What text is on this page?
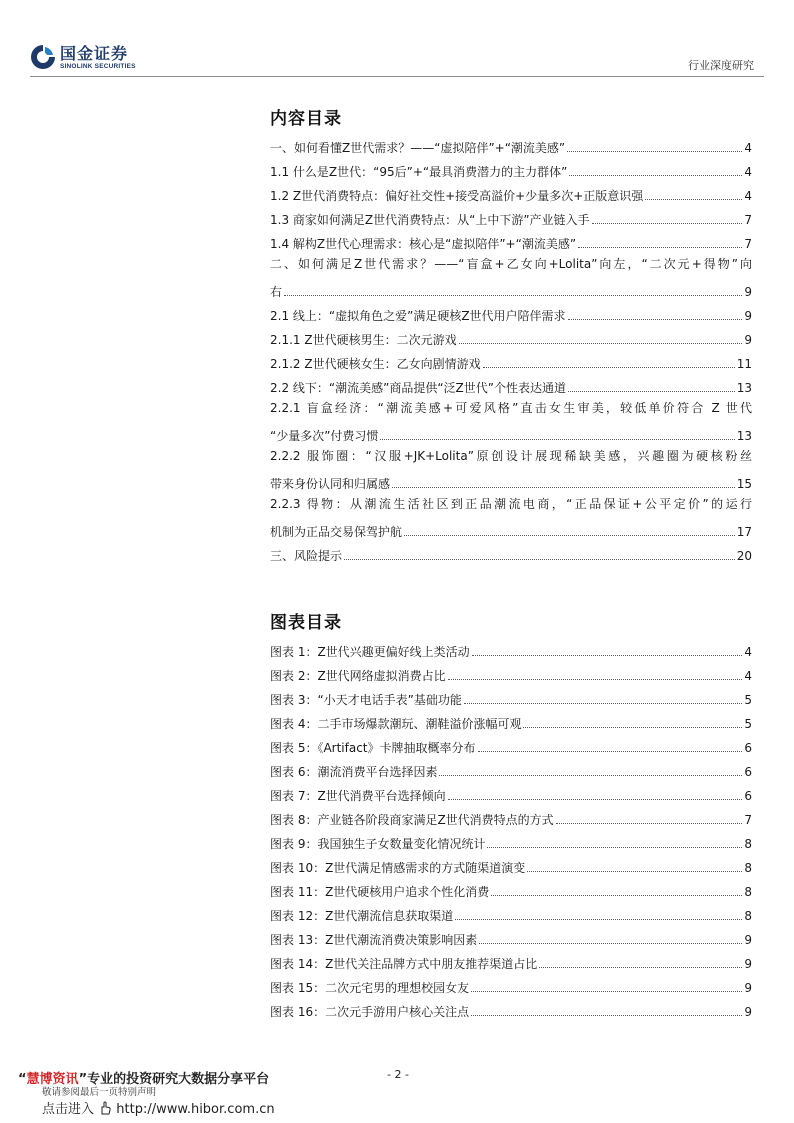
国金证券
SINOLINK SECURITIES	行业深度研究
内容目录
一、如何看懂Z世代需求？——“虚拟陪伴”+“潮流美感”	4
1.1 什么是Z世代：“95后”+“最具消费潜力的主力群体”	4
1.2 Z世代消费特点：偏好社交性+接受高溢价+少量多次+正版意识强	4
1.3 商家如何满足Z世代消费特点：从“上中下游”产业链入手	7
1.4 解构Z世代心理需求：核心是“虚拟陪伴”+“潮流美感”	7
二、如何满足Z世代需求？——“盲盒+乙女向+Lolita”向左，“二次元+得物”向
右	9
2.1 线上：“虚拟角色之爱”满足硬核Z世代用户陪伴需求	9
2.1.1 Z世代硬核男生：二次元游戏	9
2.1.2 Z世代硬核女生：乙女向剧情游戏	11
2.2 线下：“潮流美感”商品提供“泛Z世代”个性表达通道	13
2.2.1 盲盒经济：“潮流美感+可爱风格”直击女生审美，较低单价符合 Z 世代
“少量多次”付费习惯	13
2.2.2 服饰圈：“汉服+JK+Lolita”原创设计展现稀缺美感，兴趣圈为硬核粉丝
带来身份认同和归属感	15
2.2.3 得物：从潮流生活社区到正品潮流电商，“正品保证+公平定价”的运行
机制为正品交易保驾护航	17
三、风险提示	20
图表目录
图表 1：Z世代兴趣更偏好线上类活动	4
图表 2：Z世代网络虚拟消费占比	4
图表 3：“小天才电话手表”基础功能	5
图表 4：二手市场爆款潮玩、潮鞋溢价涨幅可观	5
图表 5：《Artifact》卡牌抽取概率分布	6
图表 6：潮流消费平台选择因素	6
图表 7：Z世代消费平台选择倾向	6
图表 8：产业链各阶段商家满足Z世代消费特点的方式	7
图表 9：我国独生子女数量变化情况统计	8
图表 10：Z世代满足情感需求的方式随渠道演变	8
图表 11：Z世代硬核用户追求个性化消费	8
图表 12：Z世代潮流信息获取渠道	8
图表 13：Z世代潮流消费决策影响因素	9
图表 14：Z世代关注品牌方式中朋友推荐渠道占比	9
图表 15：二次元宅男的理想校园女友	9
图表 16：二次元手游用户核心关注点	9
“慧博资讯”专业的投资研究大数据分享平台	- 2 -
敬请参阅最后一页特别声明
点击进入 http://www.hibor.com.cn
